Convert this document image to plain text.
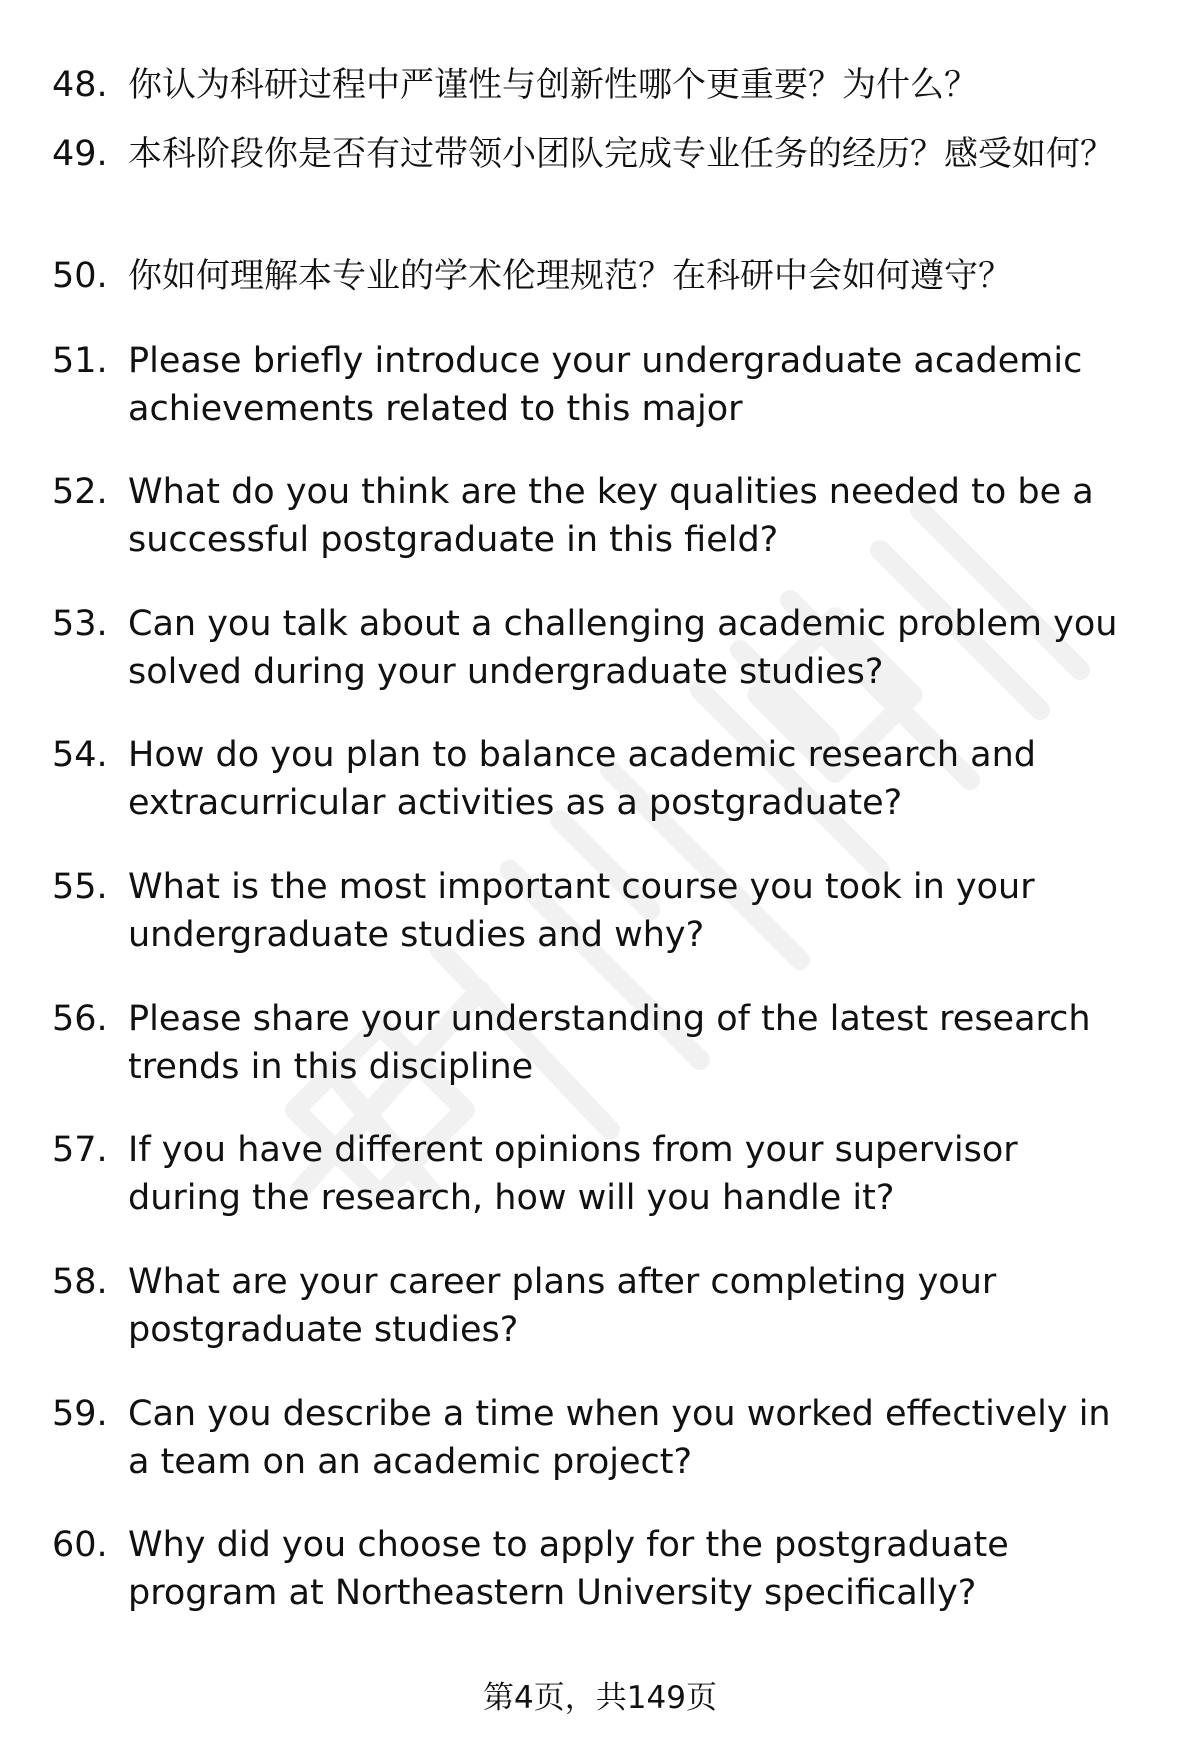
48. 你认为科研过程中严谨性与创新性哪个更重要？为什么？
49. 本科阶段你是否有过带领小团队完成专业任务的经历？感受如何？
50. 你如何理解本专业的学术伦理规范？在科研中会如何遵守？
51. Please briefly introduce your undergraduate academic achievements related to this major
52. What do you think are the key qualities needed to be a successful postgraduate in this field?
53. Can you talk about a challenging academic problem you solved during your undergraduate studies?
54. How do you plan to balance academic research and extracurricular activities as a postgraduate?
55. What is the most important course you took in your undergraduate studies and why?
56. Please share your understanding of the latest research trends in this discipline
57. If you have different opinions from your supervisor during the research, how will you handle it?
58. What are your career plans after completing your postgraduate studies?
59. Can you describe a time when you worked effectively in a team on an academic project?
60. Why did you choose to apply for the postgraduate program at Northeastern University specifically?
第4页，共149页
